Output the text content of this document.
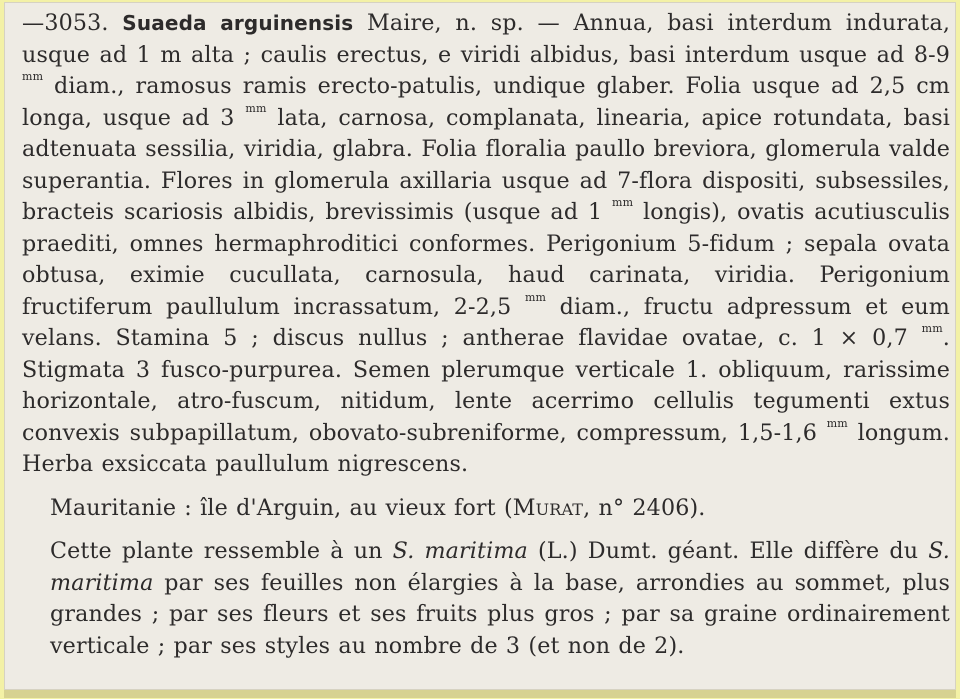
—3053. Suaeda arguinensis Maire, n. sp. — Annua, basi interdum indurata, usque ad 1 m alta ; caulis erectus, e viridi albidus, basi interdum usque ad 8-9 $^{mm}$ diam., ramosus ramis erecto-patulis, undique glaber. Folia usque ad 2,5 cm longa, usque ad 3 $^{mm}$ lata, carnosa, complanata, linearia, apice rotundata, basi adtenuata sessilia, viridia, glabra. Folia floralia paullo breviora, glomerula valde superantia. Flores in glomerula axillaria usque ad 7-flora dispositi, subsessiles, bracteis scariosis albidis, brevissimis (usque ad 1 $^{mm}$ longis), ovatis acutiusculis praediti, omnes hermaphroditici conformes. Perigonium 5-fidum ; sepala ovata obtusa, eximie cucullata, carnosula, haud carinata, viridia. Perigonium fructiferum paullulum incrassatum, 2-2,5 $^{mm}$ diam., fructu adpressum et eum velans. Stamina 5 ; discus nullus ; antherae flavidae ovatae, c. 1 × 0,7 $^{mm}$. Stigmata 3 fusco-purpurea. Semen plerumque verticale 1. obliquum, rarissime horizontale, atro-fuscum, nitidum, lente acerrimo cellulis tegumenti extus convexis subpapillatum, obovato-subreniforme, compressum, 1,5-1,6 $^{mm}$ longum. Herba exsiccata paullulum nigrescens.

Mauritanie : île d'Arguin, au vieux fort (Murat, n° 2406).

Cette plante ressemble à un S. maritima (L.) Dumt. géant. Elle diffère du S. maritima par ses feuilles non élargies à la base, arrondies au sommet, plus grandes ; par ses fleurs et ses fruits plus gros ; par sa graine ordinairement verticale ; par ses styles au nombre de 3 (et non de 2).
